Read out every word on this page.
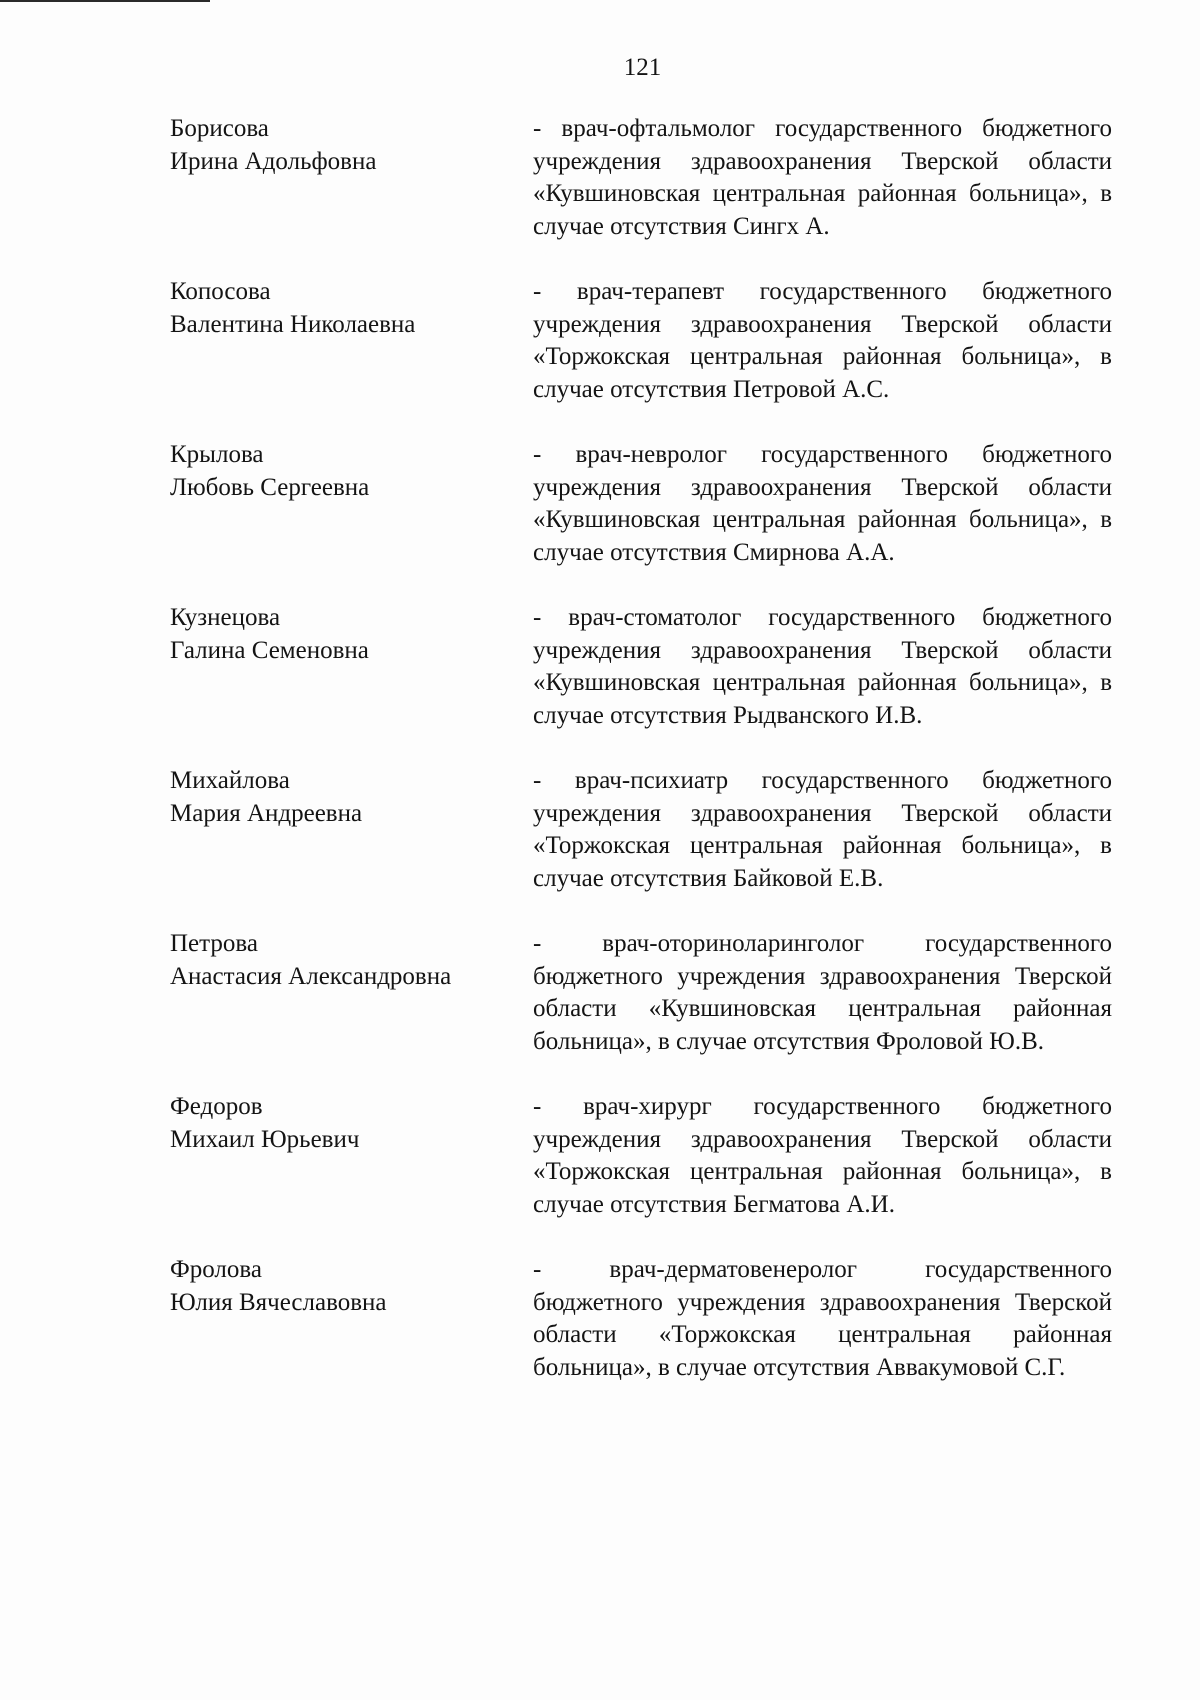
121
Борисова
Ирина Адольфовна
- врач-офтальмолог государственного бюджетного учреждения здравоохранения Тверской области «Кувшиновская центральная районная больница», в случае отсутствия Сингх А.
Копосова
Валентина Николаевна
- врач-терапевт государственного бюджетного учреждения здравоохранения Тверской области «Торжокская центральная районная больница», в случае отсутствия Петровой А.С.
Крылова
Любовь Сергеевна
- врач-невролог государственного бюджетного учреждения здравоохранения Тверской области «Кувшиновская центральная районная больница», в случае отсутствия Смирнова А.А.
Кузнецова
Галина Семеновна
- врач-стоматолог государственного бюджетного учреждения здравоохранения Тверской области «Кувшиновская центральная районная больница», в случае отсутствия Рыдванского И.В.
Михайлова
Мария Андреевна
- врач-психиатр государственного бюджетного учреждения здравоохранения Тверской области «Торжокская центральная районная больница», в случае отсутствия Байковой Е.В.
Петрова
Анастасия Александровна
- врач-оториноларинголог государственного бюджетного учреждения здравоохранения Тверской области «Кувшиновская центральная районная больница», в случае отсутствия Фроловой Ю.В.
Федоров
Михаил Юрьевич
- врач-хирург государственного бюджетного учреждения здравоохранения Тверской области «Торжокская центральная районная больница», в случае отсутствия Бегматова А.И.
Фролова
Юлия Вячеславовна
- врач-дерматовенеролог государственного бюджетного учреждения здравоохранения Тверской области «Торжокская центральная районная больница», в случае отсутствия Аввакумовой С.Г.
